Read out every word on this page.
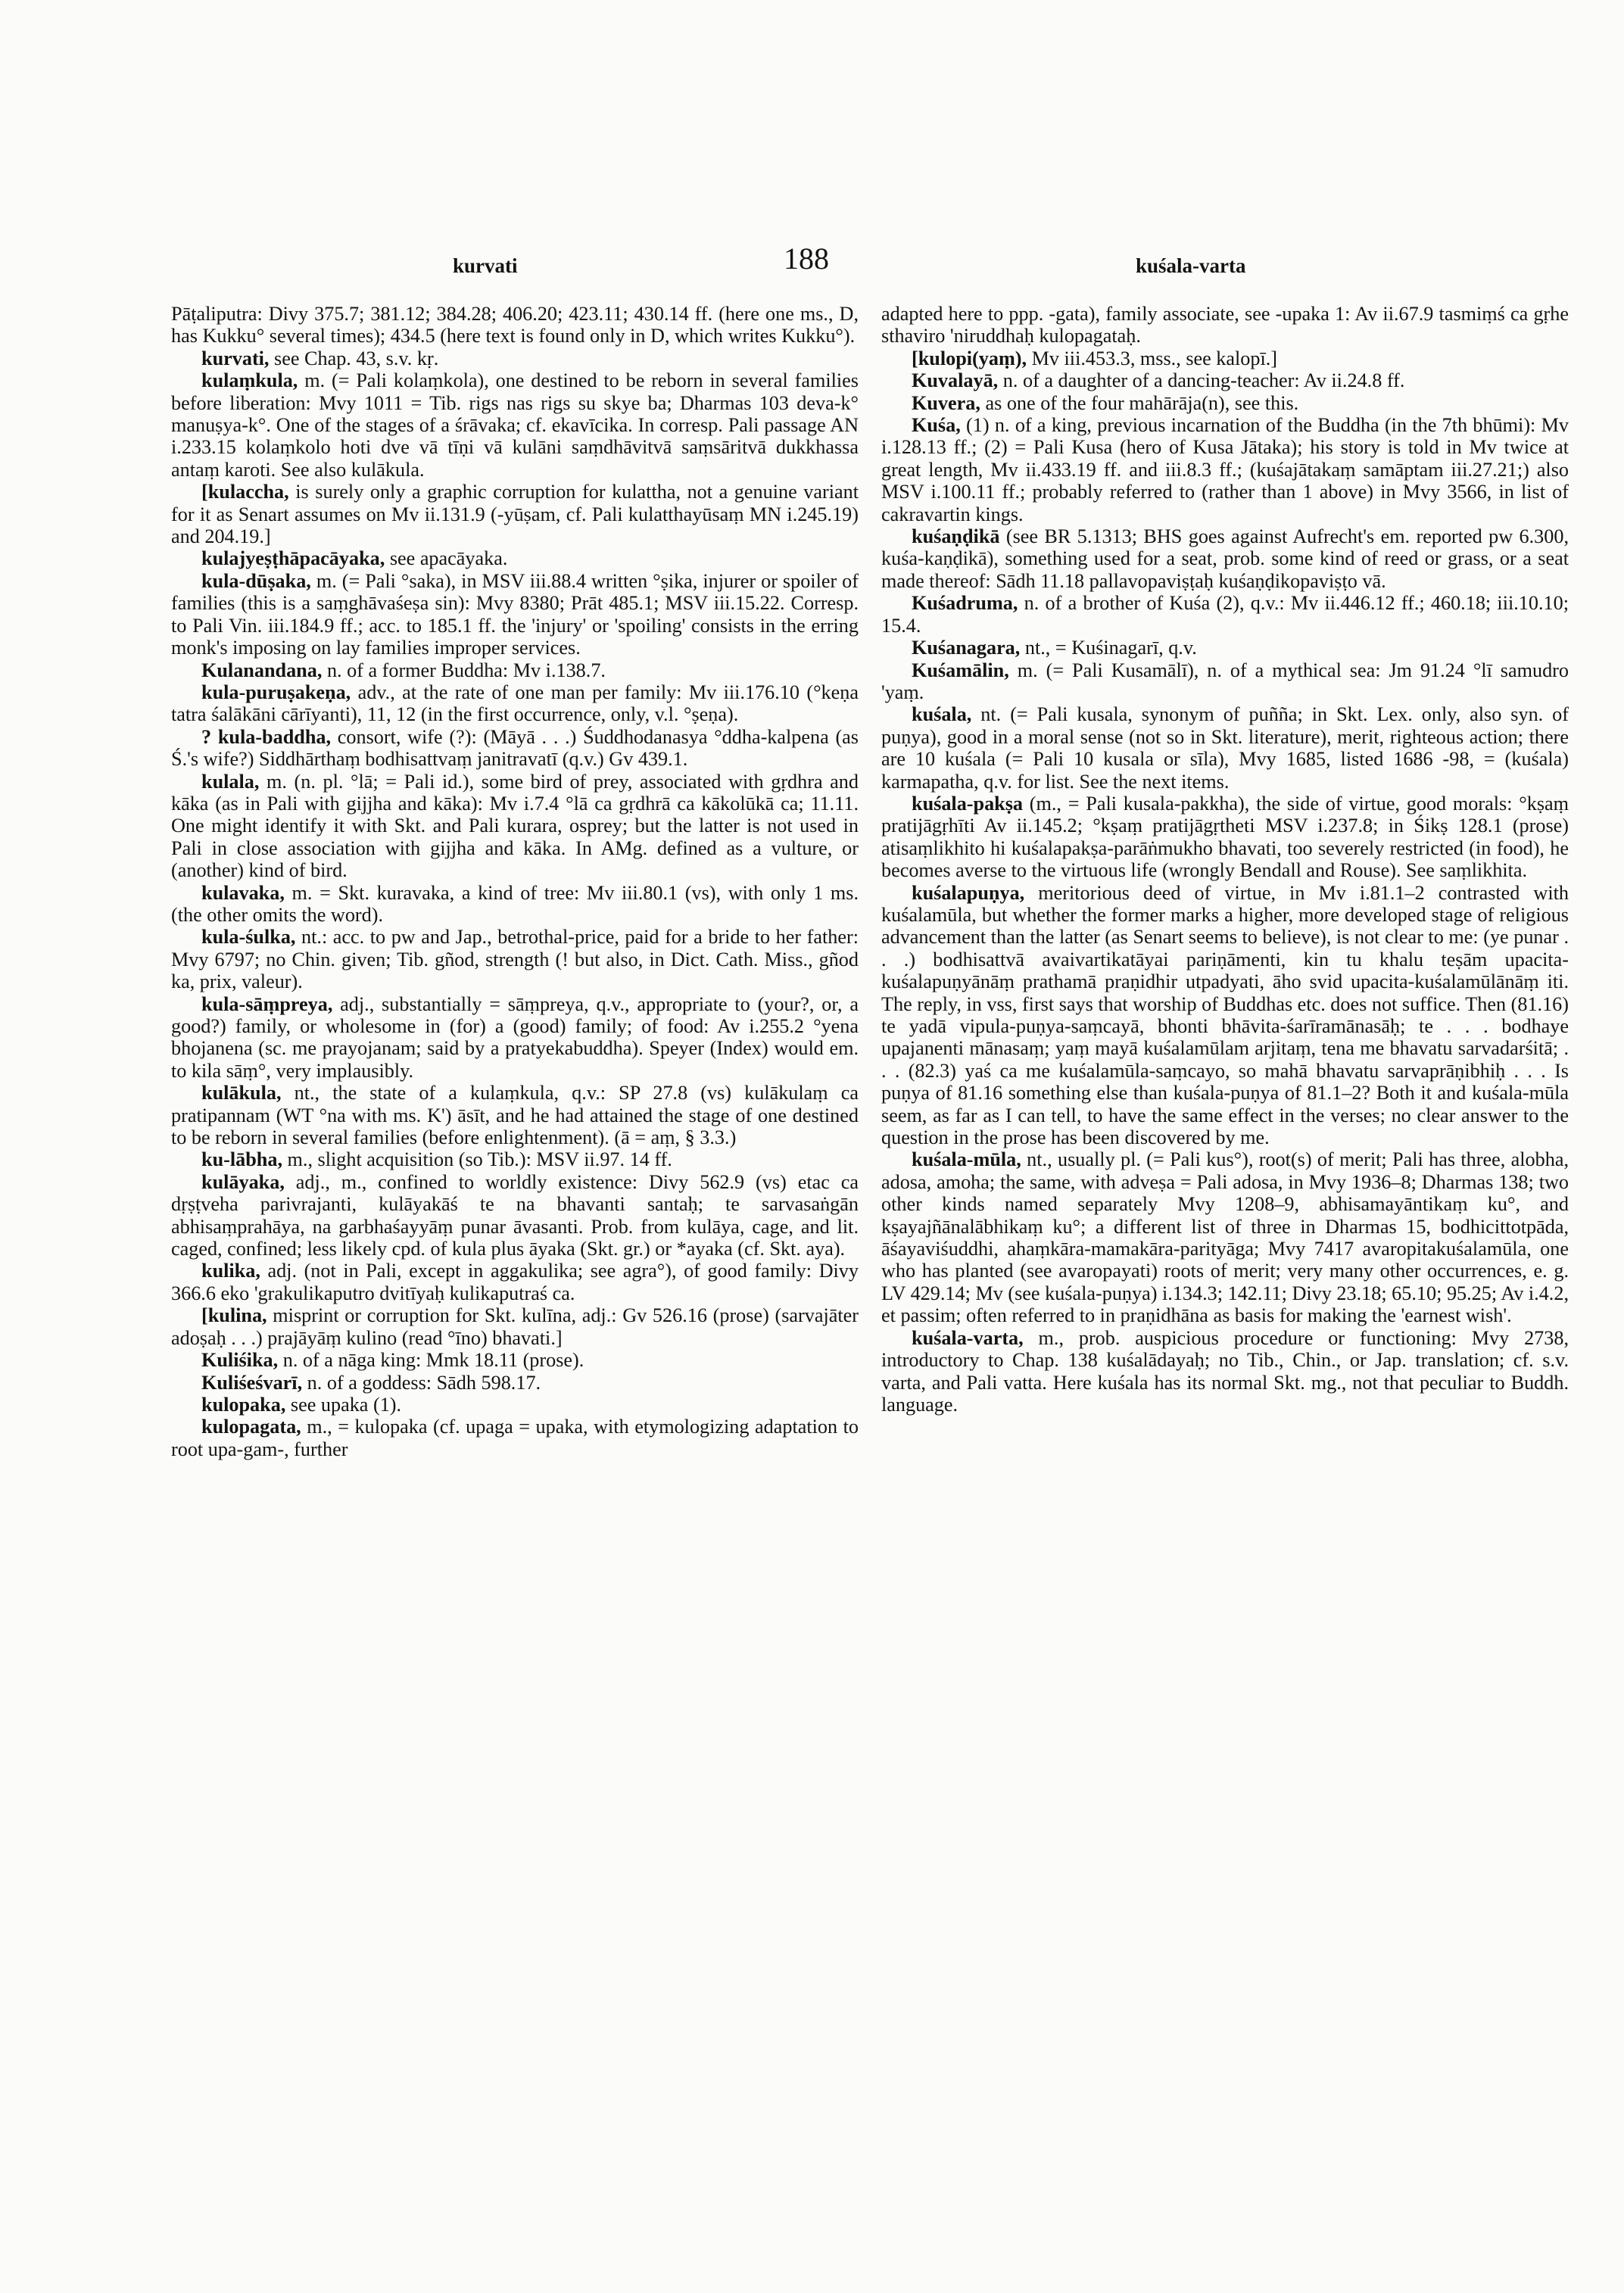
kurvati	188	kuśala-varta

Pāṭaliputra: Divy 375.7; 381.12; 384.28; 406.20; 423.11; 430.14 ff. (here one ms., D, has Kukku° several times); 434.5 (here text is found only in D, which writes Kukku°).

kurvati, see Chap. 43, s.v. kṛ.

kulaṃkula, m. (= Pali kolaṃkola), one destined to be reborn in several families before liberation: Mvy 1011 = Tib. rigs nas rigs su skye ba; Dharmas 103 deva-k° manuṣya-k°. One of the stages of a śrāvaka; cf. ekavīcika. In corresp. Pali passage AN i.233.15 kolaṃkolo hoti dve vā tīṇi vā kulāni saṃdhāvitvā saṃsāritvā dukkhassa antaṃ karoti. See also kulākula.

[kulaccha, is surely only a graphic corruption for kulattha, not a genuine variant for it as Senart assumes on Mv ii.131.9 (-yūṣam, cf. Pali kulatthayūsaṃ MN i.245.19) and 204.19.]

kulajyeṣṭhāpacāyaka, see apacāyaka.

kula-dūṣaka, m. (= Pali °saka), in MSV iii.88.4 written °ṣika, injurer or spoiler of families (this is a saṃghāvaśeṣa sin): Mvy 8380; Prāt 485.1; MSV iii.15.22. Corresp. to Pali Vin. iii.184.9 ff.; acc. to 185.1 ff. the 'injury' or 'spoiling' consists in the erring monk's imposing on lay families improper services.

Kulanandana, n. of a former Buddha: Mv i.138.7.

kula-puruṣakeṇa, adv., at the rate of one man per family: Mv iii.176.10 (°keṇa tatra śalākāni cārīyanti), 11, 12 (in the first occurrence, only, v.l. °ṣeṇa).

? kula-baddha, consort, wife (?): (Māyā . . .) Śuddhodanasya °ddha-kalpena (as Ś.'s wife?) Siddhārthaṃ bodhisattvaṃ janitravatī (q.v.) Gv 439.1.

kulala, m. (n. pl. °lā; = Pali id.), some bird of prey, associated with gṛdhra and kāka (as in Pali with gijjha and kāka): Mv i.7.4 °lā ca gṛdhrā ca kākolūkā ca; 11.11. One might identify it with Skt. and Pali kurara, osprey; but the latter is not used in Pali in close association with gijjha and kāka. In AMg. defined as a vulture, or (another) kind of bird.

kulavaka, m. = Skt. kuravaka, a kind of tree: Mv iii.80.1 (vs), with only 1 ms. (the other omits the word).

kula-śulka, nt.: acc. to pw and Jap., betrothal-price, paid for a bride to her father: Mvy 6797; no Chin. given; Tib. gñod, strength (! but also, in Dict. Cath. Miss., gñod ka, prix, valeur).

kula-sāṃpreya, adj., substantially = sāṃpreya, q.v., appropriate to (your?, or, a good?) family, or wholesome in (for) a (good) family; of food: Av i.255.2 °yena bhojanena (sc. me prayojanam; said by a pratyekabuddha). Speyer (Index) would em. to kila sāṃ°, very implausibly.

kulākula, nt., the state of a kulaṃkula, q.v.: SP 27.8 (vs) kulākulaṃ ca pratipannam (WT °na with ms. K') āsīt, and he had attained the stage of one destined to be reborn in several families (before enlightenment). (ā = aṃ, § 3.3.)

ku-lābha, m., slight acquisition (so Tib.): MSV ii.97. 14 ff.

kulāyaka, adj., m., confined to worldly existence: Divy 562.9 (vs) etac ca dṛṣṭveha parivrajanti, kulāyakāś te na bhavanti santaḥ; te sarvasaṅgān abhisaṃprahāya, na garbhaśayyāṃ punar āvasanti. Prob. from kulāya, cage, and lit. caged, confined; less likely cpd. of kula plus āyaka (Skt. gr.) or *ayaka (cf. Skt. aya).

kulika, adj. (not in Pali, except in aggakulika; see agra°), of good family: Divy 366.6 eko 'grakulikaputro dvitīyaḥ kulikaputraś ca.

[kulina, misprint or corruption for Skt. kulīna, adj.: Gv 526.16 (prose) (sarvajāter adoṣaḥ . . .) prajāyāṃ kulino (read °īno) bhavati.]

Kuliśika, n. of a nāga king: Mmk 18.11 (prose).

Kuliśeśvarī, n. of a goddess: Sādh 598.17.

kulopaka, see upaka (1).

kulopagata, m., = kulopaka (cf. upaga = upaka, with etymologizing adaptation to root upa-gam-, further

adapted here to ppp. -gata), family associate, see -upaka 1: Av ii.67.9 tasmiṃś ca gṛhe sthaviro 'niruddhaḥ kulopagataḥ.

[kulopi(yaṃ), Mv iii.453.3, mss., see kalopī.]

Kuvalayā, n. of a daughter of a dancing-teacher: Av ii.24.8 ff.

Kuvera, as one of the four mahārāja(n), see this.

Kuśa, (1) n. of a king, previous incarnation of the Buddha (in the 7th bhūmi): Mv i.128.13 ff.; (2) = Pali Kusa (hero of Kusa Jātaka); his story is told in Mv twice at great length, Mv ii.433.19 ff. and iii.8.3 ff.; (kuśajātakaṃ samāptam iii.27.21;) also MSV i.100.11 ff.; probably referred to (rather than 1 above) in Mvy 3566, in list of cakravartin kings.

kuśaṇḍikā (see BR 5.1313; BHS goes against Aufrecht's em. reported pw 6.300, kuśa-kaṇḍikā), something used for a seat, prob. some kind of reed or grass, or a seat made thereof: Sādh 11.18 pallavopaviṣṭaḥ kuśaṇḍikopaviṣṭo vā.

Kuśadruma, n. of a brother of Kuśa (2), q.v.: Mv ii.446.12 ff.; 460.18; iii.10.10; 15.4.

Kuśanagara, nt., = Kuśinagarī, q.v.

Kuśamālin, m. (= Pali Kusamālī), n. of a mythical sea: Jm 91.24 °lī samudro 'yaṃ.

kuśala, nt. (= Pali kusala, synonym of puñña; in Skt. Lex. only, also syn. of puṇya), good in a moral sense (not so in Skt. literature), merit, righteous action; there are 10 kuśala (= Pali 10 kusala or sīla), Mvy 1685, listed 1686 -98, = (kuśala) karmapatha, q.v. for list. See the next items.

kuśala-pakṣa (m., = Pali kusala-pakkha), the side of virtue, good morals: °kṣaṃ pratijāgṛhīti Av ii.145.2; °kṣaṃ pratijāgṛtheti MSV i.237.8; in Śikṣ 128.1 (prose) atisaṃlikhito hi kuśalapakṣa-parāṅmukho bhavati, too severely restricted (in food), he becomes averse to the virtuous life (wrongly Bendall and Rouse). See saṃlikhita.

kuśalapuṇya, meritorious deed of virtue, in Mv i.81.1–2 contrasted with kuśalamūla, but whether the former marks a higher, more developed stage of religious advancement than the latter (as Senart seems to believe), is not clear to me: (ye punar . . .) bodhisattvā avaivartikatāyai pariṇāmenti, kin tu khalu teṣām upacita-kuśalapuṇyānāṃ prathamā praṇidhir utpadyati, āho svid upacita-kuśalamūlānāṃ iti. The reply, in vss, first says that worship of Buddhas etc. does not suffice. Then (81.16) te yadā vipula-puṇya-saṃcayā, bhonti bhāvita-śarīramānasāḥ; te . . . bodhaye upajanenti mānasaṃ; yaṃ mayā kuśalamūlam arjitaṃ, tena me bhavatu sarvadarśitā; . . . (82.3) yaś ca me kuśalamūla-saṃcayo, so mahā bhavatu sarvaprāṇibhiḥ . . . Is puṇya of 81.16 something else than kuśala-puṇya of 81.1–2? Both it and kuśala-mūla seem, as far as I can tell, to have the same effect in the verses; no clear answer to the question in the prose has been discovered by me.

kuśala-mūla, nt., usually pl. (= Pali kus°), root(s) of merit; Pali has three, alobha, adosa, amoha; the same, with adveṣa = Pali adosa, in Mvy 1936–8; Dharmas 138; two other kinds named separately Mvy 1208–9, abhisamayāntikaṃ ku°, and kṣayajñānalābhikaṃ ku°; a different list of three in Dharmas 15, bodhicittotpāda, āśayaviśuddhi, ahaṃkāra-mamakāra-parityāga; Mvy 7417 avaropitakuśalamūla, one who has planted (see avaropayati) roots of merit; very many other occurrences, e. g. LV 429.14; Mv (see kuśala-puṇya) i.134.3; 142.11; Divy 23.18; 65.10; 95.25; Av i.4.2, et passim; often referred to in praṇidhāna as basis for making the 'earnest wish'.

kuśala-varta, m., prob. auspicious procedure or functioning: Mvy 2738, introductory to Chap. 138 kuśalādayaḥ; no Tib., Chin., or Jap. translation; cf. s.v. varta, and Pali vatta. Here kuśala has its normal Skt. mg., not that peculiar to Buddh. language.
